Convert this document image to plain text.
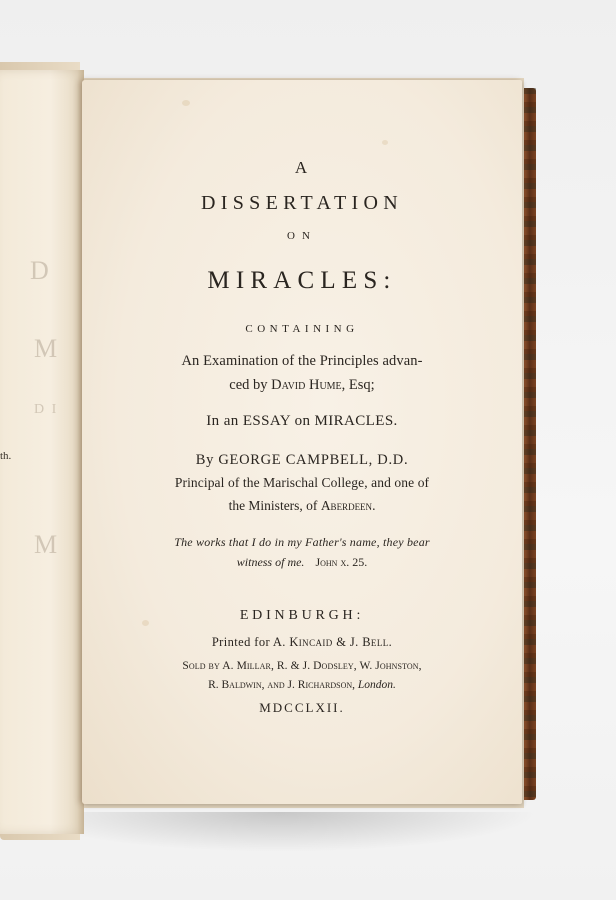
D
M
D I
th.
M
A
DISSERTATION
ON
MIRACLES:
CONTAINING
An Examination of the Principles advan-
ced by David Hume, Esq;
In an ESSAY on MIRACLES.
By GEORGE CAMPBELL, D.D.
Principal of the Marischal College, and one of
the Ministers, of Aberdeen.
The works that I do in my Father's name, they bear
witness of me. John x. 25.
EDINBURGH:
Printed for A. Kincaid & J. Bell.
Sold by A. Millar, R. & J. Dodsley, W. Johnston,
R. Baldwin, and J. Richardson, London.
MDCCLXII.
